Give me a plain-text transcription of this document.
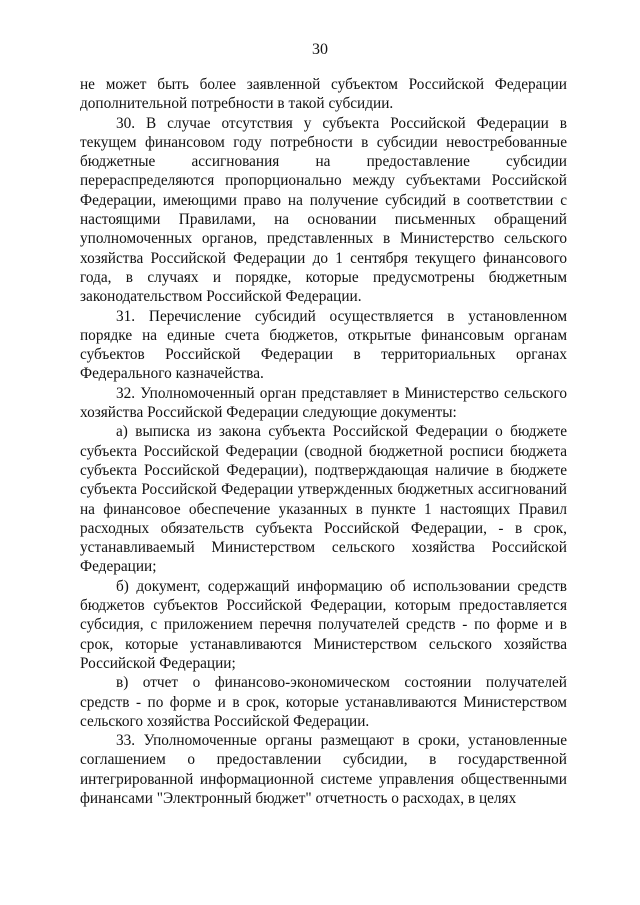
30

не может быть более заявленной субъектом Российской Федерации дополнительной потребности в такой субсидии.

30. В случае отсутствия у субъекта Российской Федерации в текущем финансовом году потребности в субсидии невостребованные бюджетные ассигнования на предоставление субсидии перераспределяются пропорционально между субъектами Российской Федерации, имеющими право на получение субсидий в соответствии с настоящими Правилами, на основании письменных обращений уполномоченных органов, представленных в Министерство сельского хозяйства Российской Федерации до 1 сентября текущего финансового года, в случаях и порядке, которые предусмотрены бюджетным законодательством Российской Федерации.

31. Перечисление субсидий осуществляется в установленном порядке на единые счета бюджетов, открытые финансовым органам субъектов Российской Федерации в территориальных органах Федерального казначейства.

32. Уполномоченный орган представляет в Министерство сельского хозяйства Российской Федерации следующие документы:

а) выписка из закона субъекта Российской Федерации о бюджете субъекта Российской Федерации (сводной бюджетной росписи бюджета субъекта Российской Федерации), подтверждающая наличие в бюджете субъекта Российской Федерации утвержденных бюджетных ассигнований на финансовое обеспечение указанных в пункте 1 настоящих Правил расходных обязательств субъекта Российской Федерации, - в срок, устанавливаемый Министерством сельского хозяйства Российской Федерации;

б) документ, содержащий информацию об использовании средств бюджетов субъектов Российской Федерации, которым предоставляется субсидия, с приложением перечня получателей средств - по форме и в срок, которые устанавливаются Министерством сельского хозяйства Российской Федерации;

в) отчет о финансово-экономическом состоянии получателей средств - по форме и в срок, которые устанавливаются Министерством сельского хозяйства Российской Федерации.

33. Уполномоченные органы размещают в сроки, установленные соглашением о предоставлении субсидии, в государственной интегрированной информационной системе управления общественными финансами "Электронный бюджет" отчетность о расходах, в целях
